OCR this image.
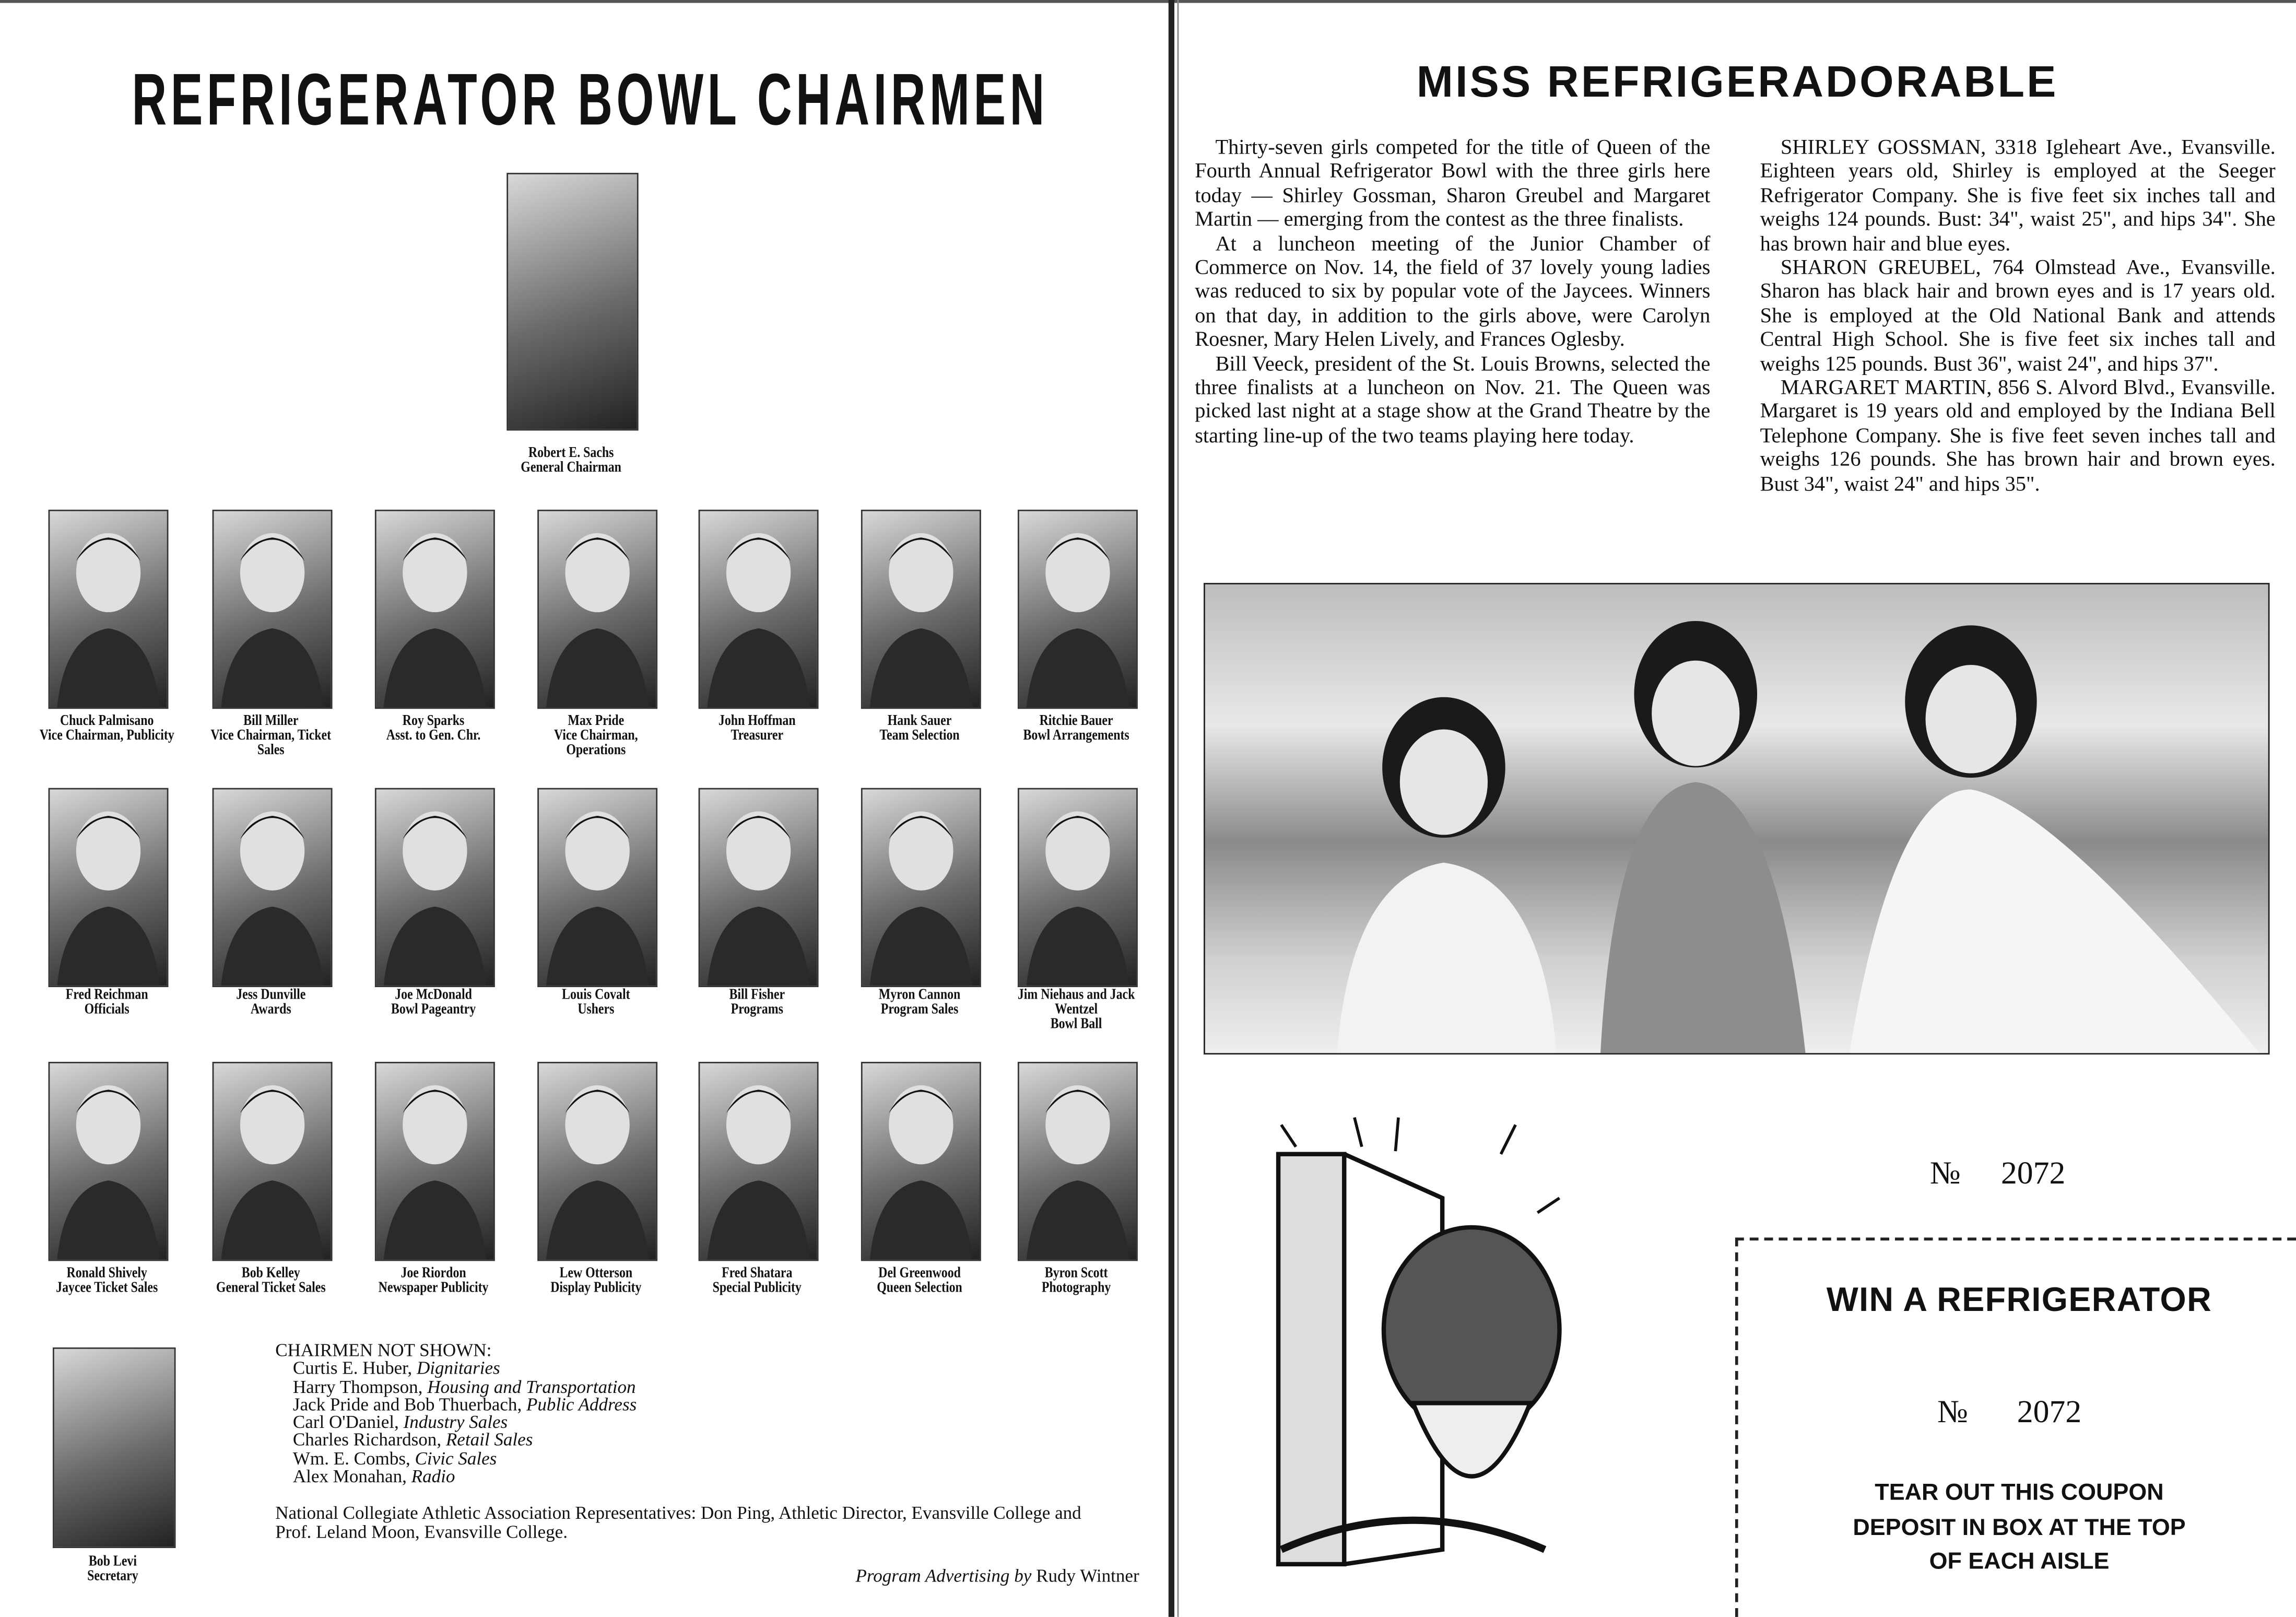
REFRIGERATOR BOWL CHAIRMEN
Robert E. Sachs
General Chairman
Chuck Palmisano
Vice Chairman, Publicity
Bill Miller
Vice Chairman, Ticket Sales
Roy Sparks
Asst. to Gen. Chr.
Max Pride
Vice Chairman, Operations
John Hoffman
Treasurer
Hank Sauer
Team Selection
Ritchie Bauer
Bowl Arrangements
Fred Reichman
Officials
Jess Dunville
Awards
Joe McDonald
Bowl Pageantry
Louis Covalt
Ushers
Bill Fisher
Programs
Myron Cannon
Program Sales
Jim Niehaus and Jack Wentzel
Bowl Ball
Ronald Shively
Jaycee Ticket Sales
Bob Kelley
General Ticket Sales
Joe Riordon
Newspaper Publicity
Lew Otterson
Display Publicity
Fred Shatara
Special Publicity
Del Greenwood
Queen Selection
Byron Scott
Photography
Bob Levi
Secretary
CHAIRMEN NOT SHOWN:
Curtis E. Huber, Dignitaries
Harry Thompson, Housing and Transportation
Jack Pride and Bob Thuerbach, Public Address
Carl O'Daniel, Industry Sales
Charles Richardson, Retail Sales
Wm. E. Combs, Civic Sales
Alex Monahan, Radio
National Collegiate Athletic Association Representatives: Don Ping, Athletic Director, Evansville College and Prof. Leland Moon, Evansville College.
Program Advertising by Rudy Wintner
MISS REFRIGERADORABLE

Thirty-seven girls competed for the title of Queen of the Fourth Annual Refrigerator Bowl with the three girls here today — Shirley Gossman, Sharon Greubel and Margaret Martin — emerging from the contest as the three finalists.

At a luncheon meeting of the Junior Chamber of Commerce on Nov. 14, the field of 37 lovely young ladies was reduced to six by popular vote of the Jaycees. Winners on that day, in addition to the girls above, were Carolyn Roesner, Mary Helen Lively, and Frances Oglesby.

Bill Veeck, president of the St. Louis Browns, selected the three finalists at a luncheon on Nov. 21. The Queen was picked last night at a stage show at the Grand Theatre by the starting line-up of the two teams playing here today.

SHIRLEY GOSSMAN, 3318 Igleheart Ave., Evansville. Eighteen years old, Shirley is employed at the Seeger Refrigerator Company. She is five feet six inches tall and weighs 124 pounds. Bust: 34", waist 25", and hips 34". She has brown hair and blue eyes.

SHARON GREUBEL, 764 Olmstead Ave., Evansville. Sharon has black hair and brown eyes and is 17 years old. She is employed at the Old National Bank and attends Central High School. She is five feet six inches tall and weighs 125 pounds. Bust 36", waist 24", and hips 37".

MARGARET MARTIN, 856 S. Alvord Blvd., Evansville. Margaret is 19 years old and employed by the Indiana Bell Telephone Company. She is five feet seven inches tall and weighs 126 pounds. She has brown hair and brown eyes. Bust 34", waist 24" and hips 35".

№	2072
WIN A REFRIGERATOR
№	2072
TEAR OUT THIS COUPON
DEPOSIT IN BOX AT THE TOP
OF EACH AISLE
